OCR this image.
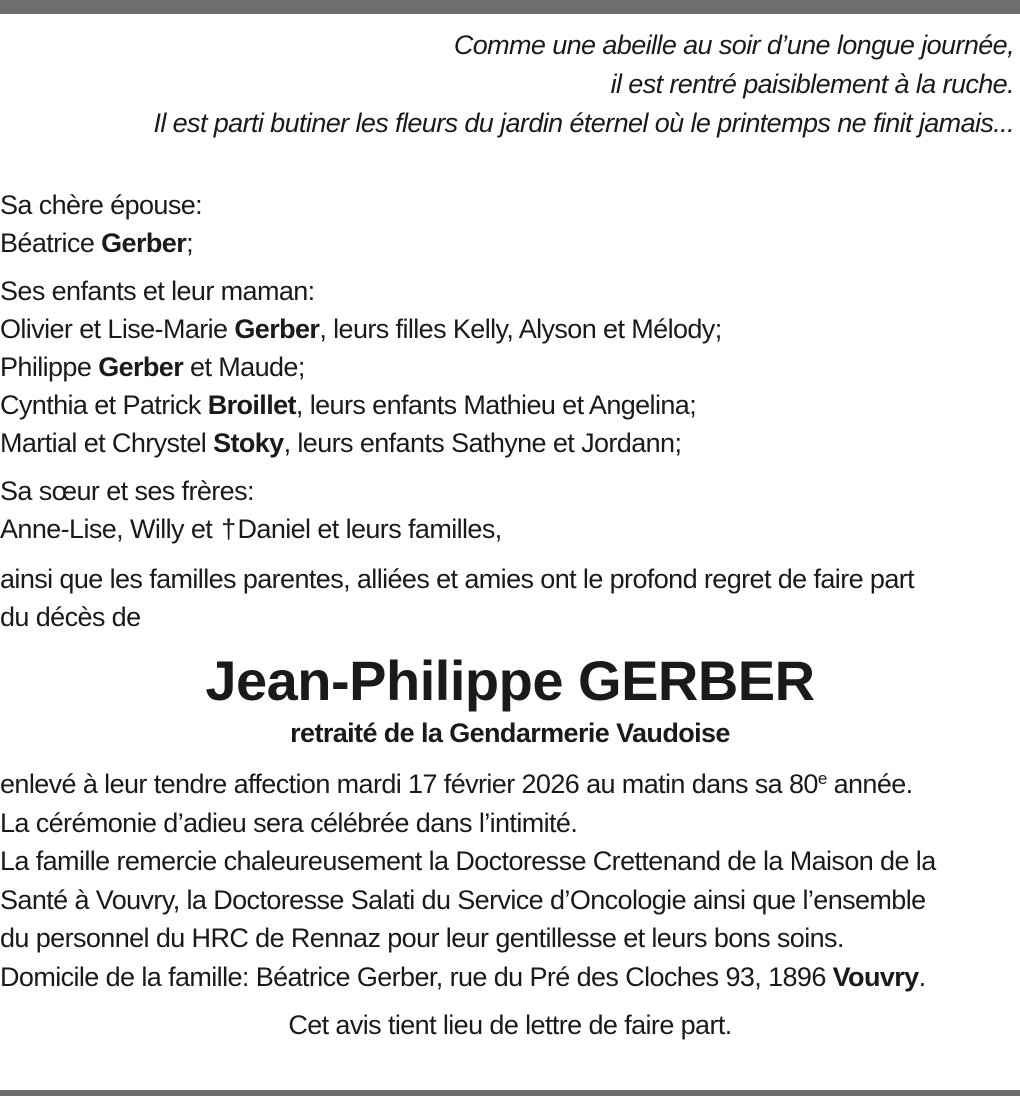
Comme une abeille au soir d’une longue journée,
il est rentré paisiblement à la ruche.
Il est parti butiner les fleurs du jardin éternel où le printemps ne finit jamais...
Sa chère épouse:
Béatrice Gerber;
Ses enfants et leur maman:
Olivier et Lise-Marie Gerber, leurs filles Kelly, Alyson et Mélody;
Philippe Gerber et Maude;
Cynthia et Patrick Broillet, leurs enfants Mathieu et Angelina;
Martial et Chrystel Stoky, leurs enfants Sathyne et Jordann;
Sa sœur et ses frères:
Anne-Lise, Willy et †Daniel et leurs familles,
ainsi que les familles parentes, alliées et amies ont le profond regret de faire part
du décès de
Jean-Philippe GERBER
retraité de la Gendarmerie Vaudoise
enlevé à leur tendre affection mardi 17 février 2026 au matin dans sa 80e année.
La cérémonie d’adieu sera célébrée dans l’intimité.
La famille remercie chaleureusement la Doctoresse Crettenand de la Maison de la
Santé à Vouvry, la Doctoresse Salati du Service d’Oncologie ainsi que l’ensemble
du personnel du HRC de Rennaz pour leur gentillesse et leurs bons soins.
Domicile de la famille: Béatrice Gerber, rue du Pré des Cloches 93, 1896 Vouvry.
Cet avis tient lieu de lettre de faire part.
